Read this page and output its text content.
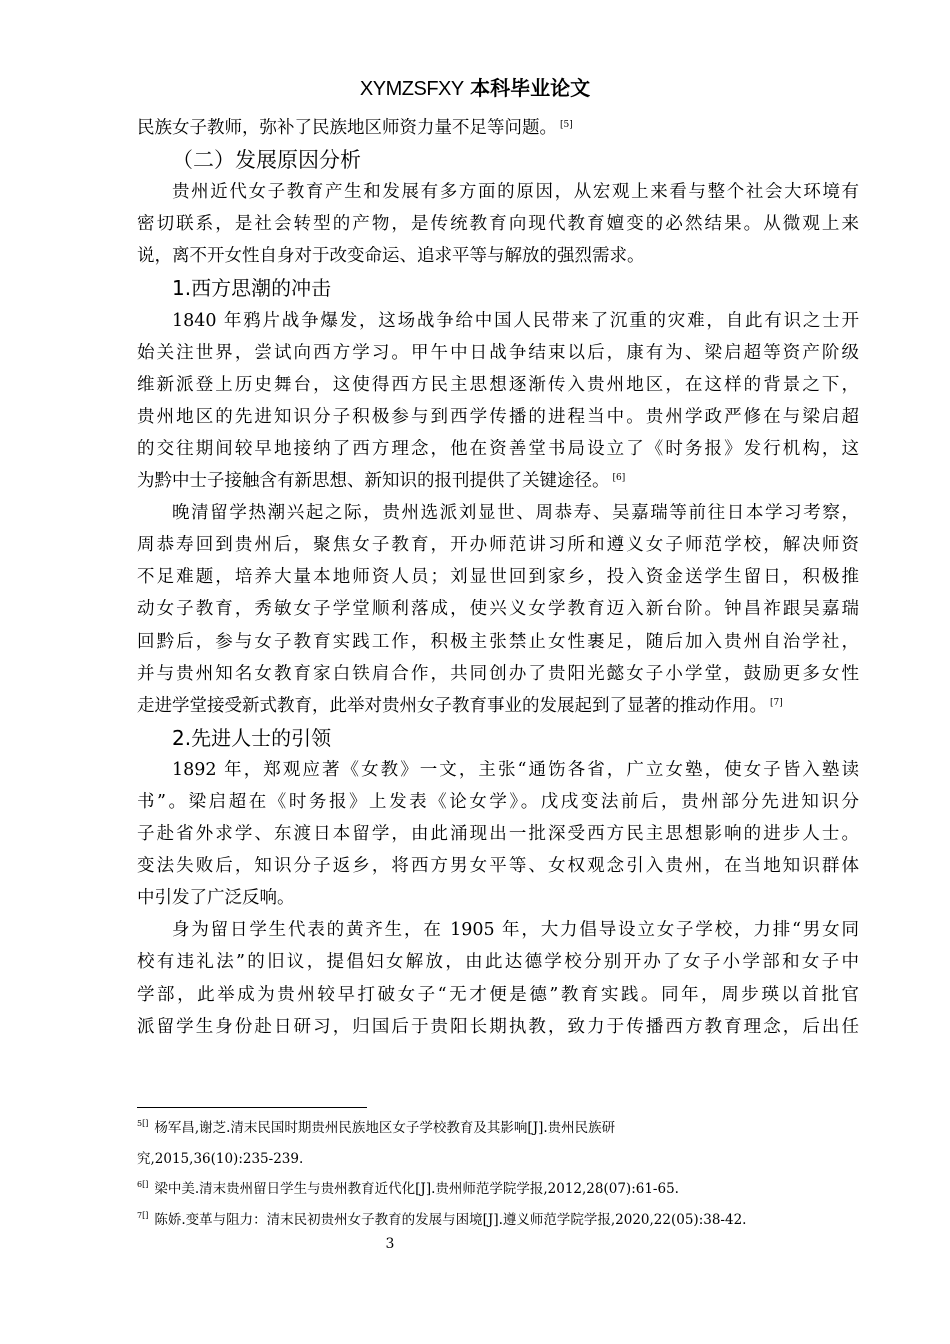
XYMZSFXY 本科毕业论文
民族女子教师，弥补了民族地区师资力量不足等问题。 [5]
（二）发展原因分析
贵州近代女子教育产生和发展有多方面的原因，从宏观上来看与整个社会大环境有
密切联系，是社会转型的产物，是传统教育向现代教育嬗变的必然结果。从微观上来
说，离不开女性自身对于改变命运、追求平等与解放的强烈需求。
1.西方思潮的冲击
1840 年鸦片战争爆发，这场战争给中国人民带来了沉重的灾难，自此有识之士开
始关注世界，尝试向西方学习。甲午中日战争结束以后，康有为、梁启超等资产阶级
维新派登上历史舞台，这使得西方民主思想逐渐传入贵州地区，在这样的背景之下，
贵州地区的先进知识分子积极参与到西学传播的进程当中。贵州学政严修在与梁启超
的交往期间较早地接纳了西方理念，他在资善堂书局设立了《时务报》发行机构，这
为黔中士子接触含有新思想、新知识的报刊提供了关键途径。 [6]
晚清留学热潮兴起之际，贵州选派刘显世、周恭寿、吴嘉瑞等前往日本学习考察，
周恭寿回到贵州后，聚焦女子教育，开办师范讲习所和遵义女子师范学校，解决师资
不足难题，培养大量本地师资人员；刘显世回到家乡，投入资金送学生留日，积极推
动女子教育，秀敏女子学堂顺利落成，使兴义女学教育迈入新台阶。钟昌祚跟吴嘉瑞
回黔后，参与女子教育实践工作，积极主张禁止女性裹足，随后加入贵州自治学社，
并与贵州知名女教育家白铁肩合作，共同创办了贵阳光懿女子小学堂，鼓励更多女性
走进学堂接受新式教育，此举对贵州女子教育事业的发展起到了显著的推动作用。 [7]
2.先进人士的引领
1892 年，郑观应著《女教》一文，主张“通饬各省，广立女塾，使女子皆入塾读
书”。梁启超在《时务报》上发表《论女学》。戊戌变法前后，贵州部分先进知识分
子赴省外求学、东渡日本留学，由此涌现出一批深受西方民主思想影响的进步人士。
变法失败后，知识分子返乡，将西方男女平等、女权观念引入贵州，在当地知识群体
中引发了广泛反响。
身为留日学生代表的黄齐生，在 1905 年，大力倡导设立女子学校，力排“男女同
校有违礼法”的旧议，提倡妇女解放，由此达德学校分别开办了女子小学部和女子中
学部，此举成为贵州较早打破女子“无才便是德”教育实践。同年，周步瑛以首批官
派留学生身份赴日研习，归国后于贵阳长期执教，致力于传播西方教育理念，后出任
$^{5[]}$ 杨军昌,谢芝.清末民国时期贵州民族地区女子学校教育及其影响[J].贵州民族研
究,2015,36(10):235-239.
$^{6[]}$ 梁中美.清末贵州留日学生与贵州教育近代化[J].贵州师范学院学报,2012,28(07):61-65.
$^{7[]}$ 陈娇.变革与阻力：清末民初贵州女子教育的发展与困境[J].遵义师范学院学报,2020,22(05):38-42.
3
